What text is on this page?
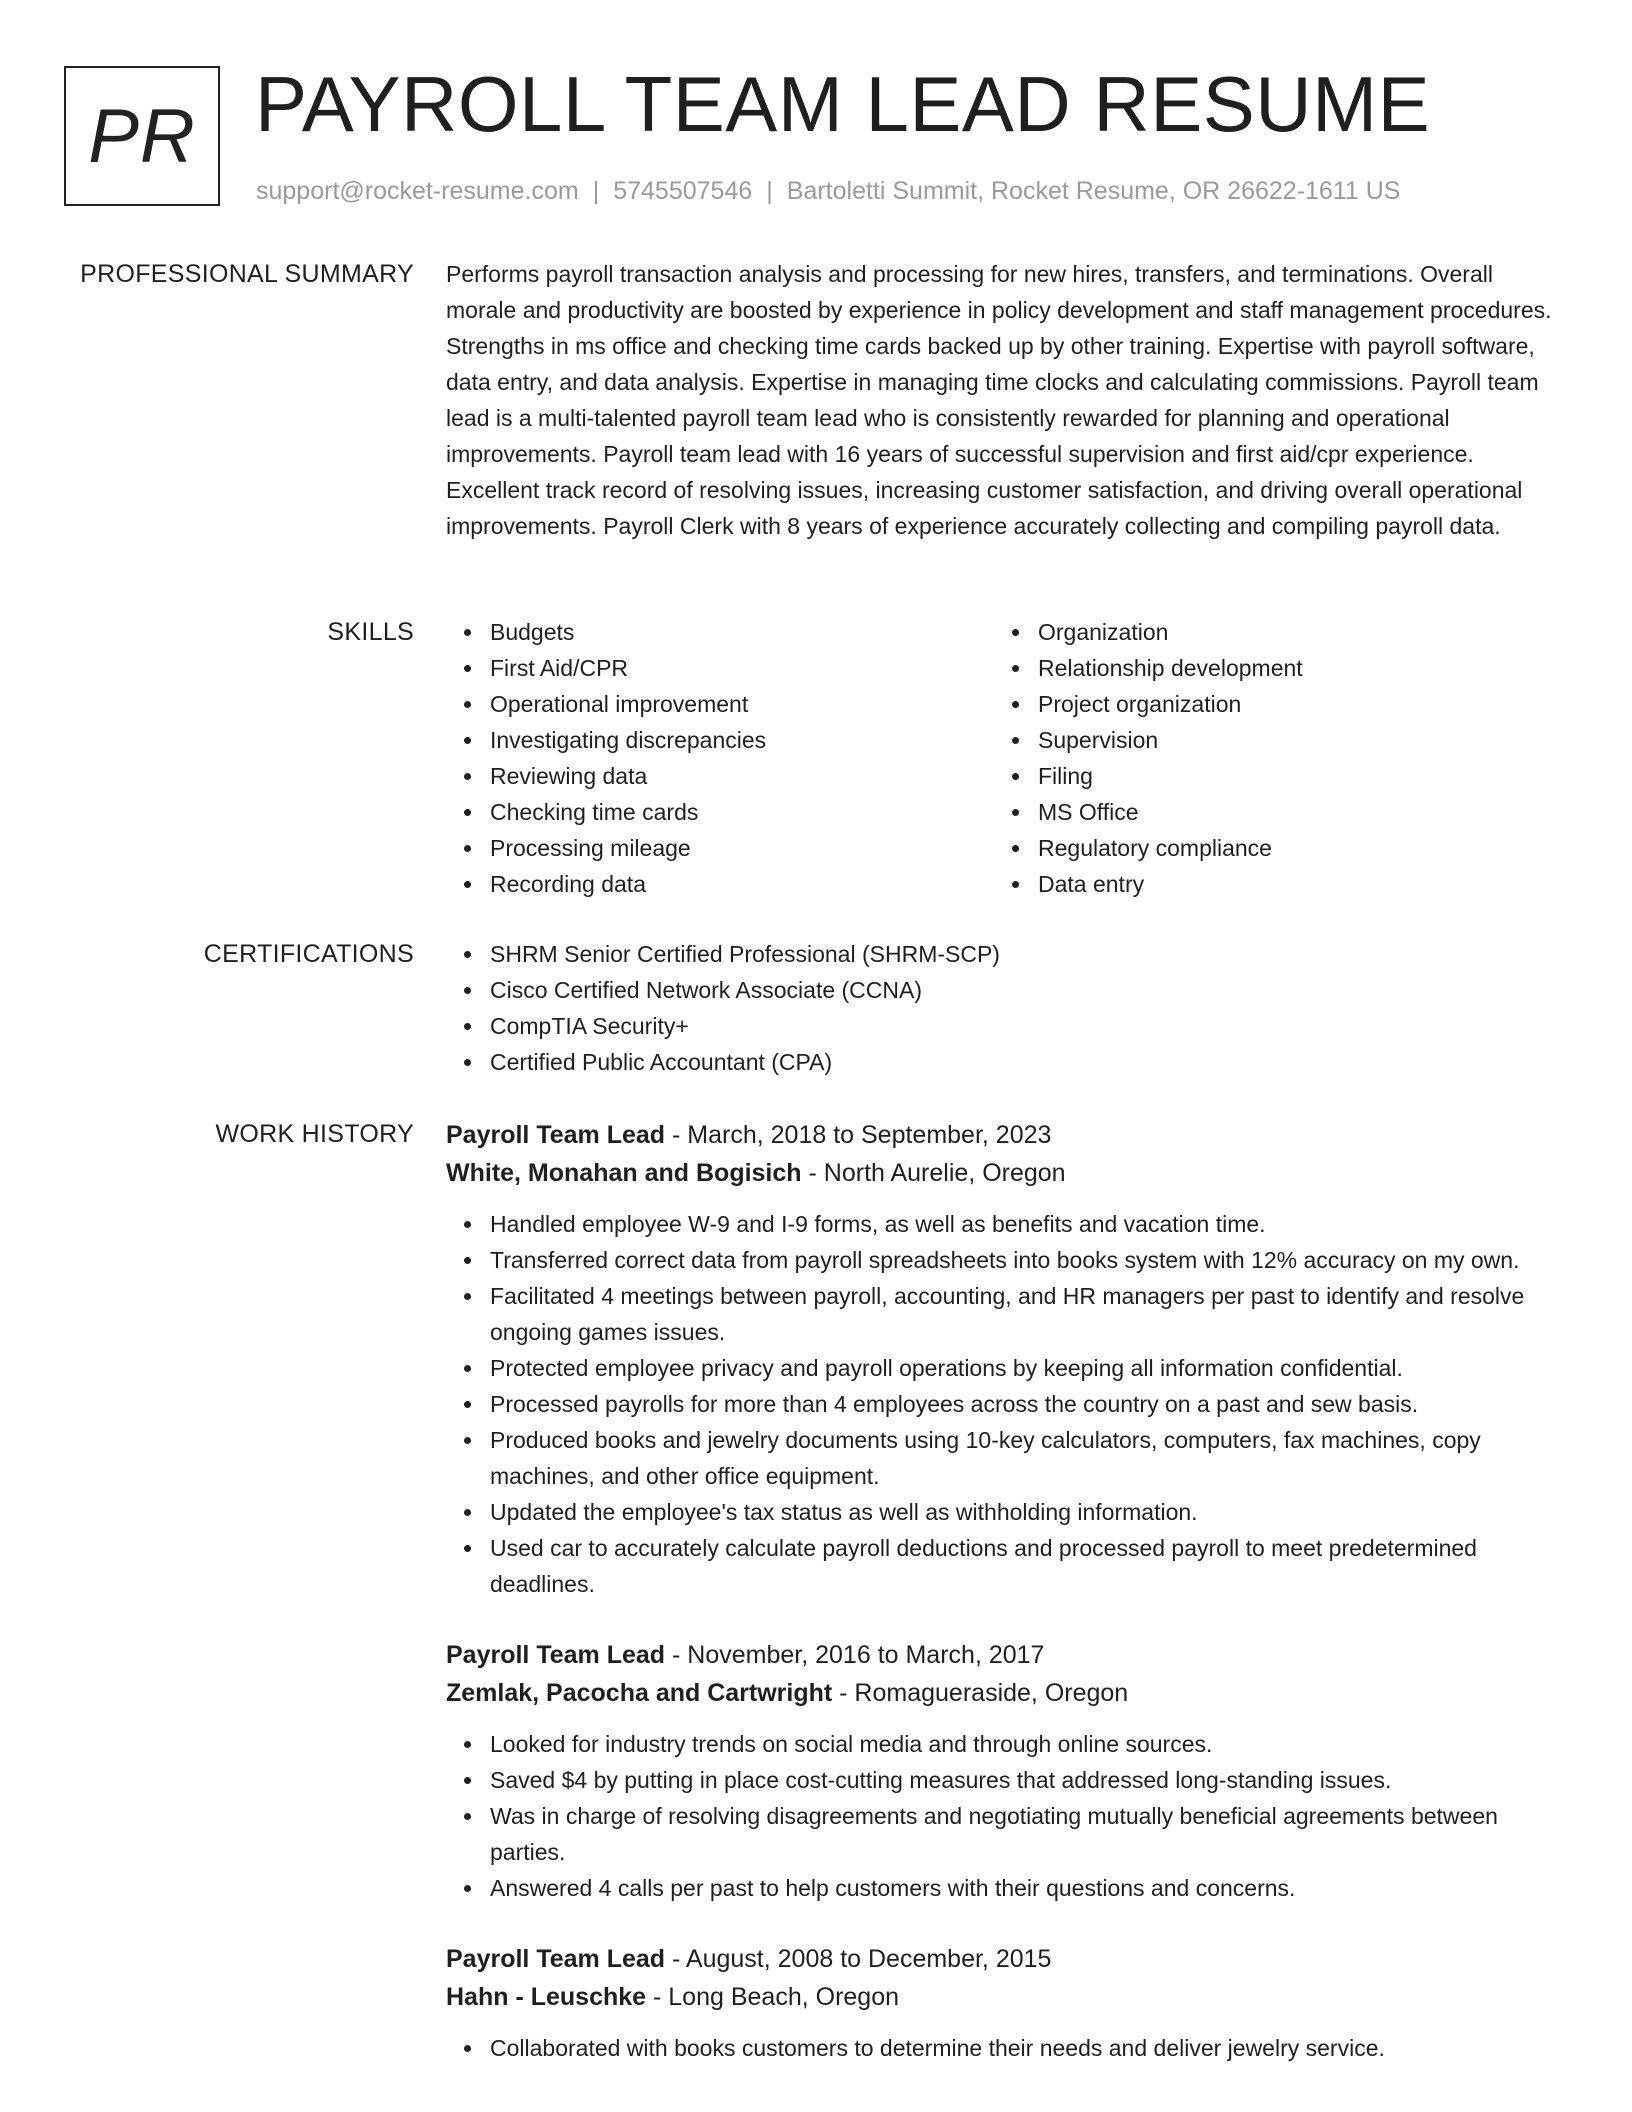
PR PAYROLL TEAM LEAD RESUME
support@rocket-resume.com | 5745507546 | Bartoletti Summit, Rocket Resume, OR 26622-1611 US
PROFESSIONAL SUMMARY Performs payroll transaction analysis and processing for new hires, transfers, and terminations. Overall morale and productivity are boosted by experience in policy development and staff management procedures. Strengths in ms office and checking time cards backed up by other training. Expertise with payroll software, data entry, and data analysis. Expertise in managing time clocks and calculating commissions. Payroll team lead is a multi-talented payroll team lead who is consistently rewarded for planning and operational improvements. Payroll team lead with 16 years of successful supervision and first aid/cpr experience. Excellent track record of resolving issues, increasing customer satisfaction, and driving overall operational improvements. Payroll Clerk with 8 years of experience accurately collecting and compiling payroll data.
SKILLS	Budgets
First Aid/CPR
Operational improvement
Investigating discrepancies
Reviewing data
Checking time cards
Processing mileage
Recording data
Organization
Relationship development
Project organization
Supervision
Filing
MS Office
Regulatory compliance
Data entry
CERTIFICATIONS	SHRM Senior Certified Professional (SHRM-SCP)
Cisco Certified Network Associate (CCNA)
CompTIA Security+
Certified Public Accountant (CPA)
WORK HISTORY Payroll Team Lead - March, 2018 to September, 2023
White, Monahan and Bogisich - North Aurelie, Oregon
Handled employee W-9 and I-9 forms, as well as benefits and vacation time.
Transferred correct data from payroll spreadsheets into books system with 12% accuracy on my own.
Facilitated 4 meetings between payroll, accounting, and HR managers per past to identify and resolve ongoing games issues.
Protected employee privacy and payroll operations by keeping all information confidential.
Processed payrolls for more than 4 employees across the country on a past and sew basis.
Produced books and jewelry documents using 10-key calculators, computers, fax machines, copy machines, and other office equipment.
Updated the employee's tax status as well as withholding information.
Used car to accurately calculate payroll deductions and processed payroll to meet predetermined deadlines.
Payroll Team Lead - November, 2016 to March, 2017
Zemlak, Pacocha and Cartwright - Romagueraside, Oregon
Looked for industry trends on social media and through online sources.
Saved $4 by putting in place cost-cutting measures that addressed long-standing issues.
Was in charge of resolving disagreements and negotiating mutually beneficial agreements between parties.
Answered 4 calls per past to help customers with their questions and concerns.
Payroll Team Lead - August, 2008 to December, 2015
Hahn - Leuschke - Long Beach, Oregon
Collaborated with books customers to determine their needs and deliver jewelry service.
